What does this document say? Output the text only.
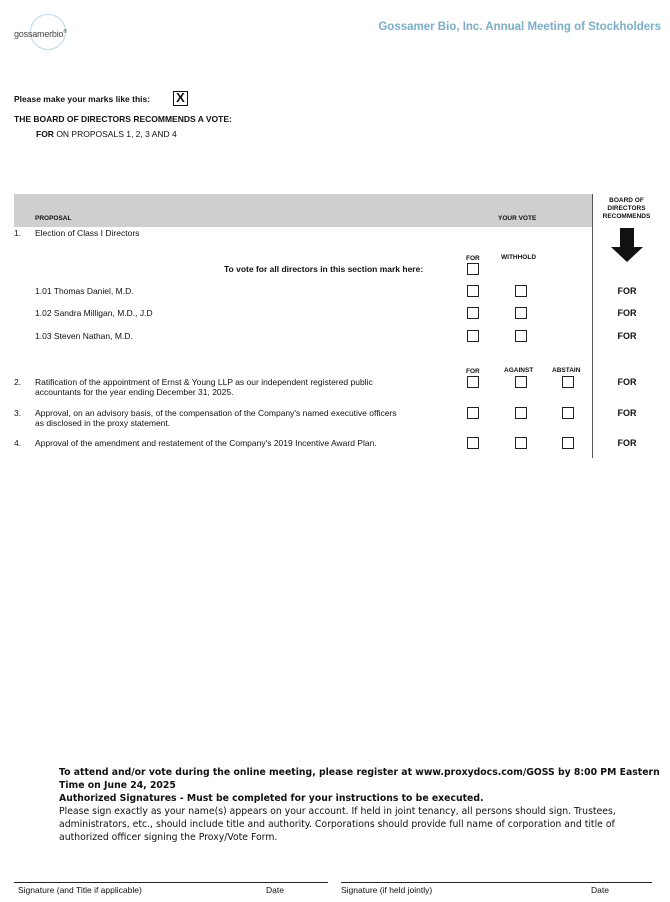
gossamerbio®	Gossamer Bio, Inc. Annual Meeting of Stockholders
Please make your marks like this: X
THE BOARD OF DIRECTORS RECOMMENDS A VOTE:
FOR ON PROPOSALS 1, 2, 3 AND 4
PROPOSAL	YOUR VOTE
BOARD OF
DIRECTORS
RECOMMENDS
1. Election of Class I Directors
FOR	WITHHOLD
To vote for all directors in this section mark here:
1.01 Thomas Daniel, M.D.	FOR
1.02 Sandra Milligan, M.D., J.D	FOR
1.03 Steven Nathan, M.D.	FOR
FOR	AGAINST	ABSTAIN
2. Ratification of the appointment of Ernst & Young LLP as our independent registered public
accountants for the year ending December 31, 2025.
FOR
3. Approval, on an advisory basis, of the compensation of the Company's named executive officers
as disclosed in the proxy statement.
FOR
4. Approval of the amendment and restatement of the Company's 2019 Incentive Award Plan.	FOR
To attend and/or vote during the online meeting, please register at www.proxydocs.com/GOSS by 8:00 PM Eastern
Time on June 24, 2025
Authorized Signatures - Must be completed for your instructions to be executed.
Please sign exactly as your name(s) appears on your account. If held in joint tenancy, all persons should sign. Trustees,
administrators, etc., should include title and authority. Corporations should provide full name of corporation and title of
authorized officer signing the Proxy/Vote Form.
Signature (and Title if applicable)	Date	Signature (if held jointly)	Date
